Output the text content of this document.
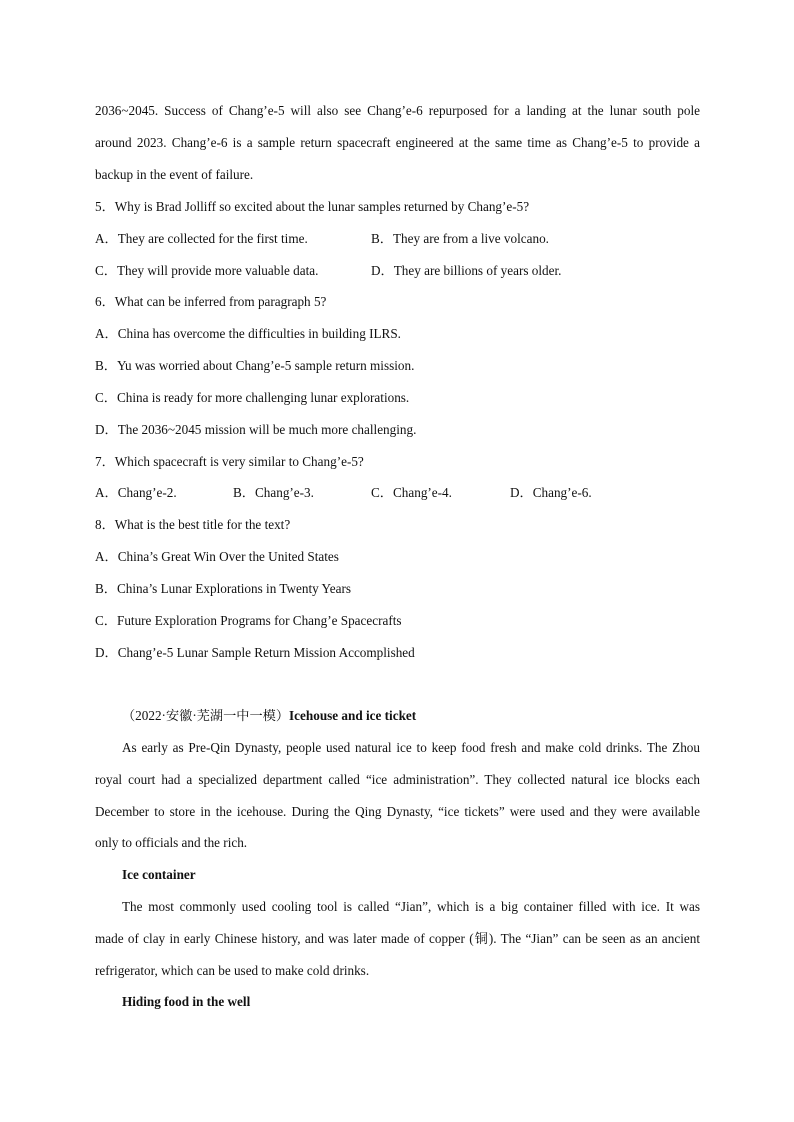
2036~2045. Success of Chang’e-5 will also see Chang’e-6 repurposed for a landing at the lunar south pole
around 2023. Chang’e-6 is a sample return spacecraft engineered at the same time as Chang’e-5 to provide a
backup in the event of failure.
5．Why is Brad Jolliff so excited about the lunar samples returned by Chang’e-5?
A．They are collected for the first time.	B．They are from a live volcano.
C．They will provide more valuable data.	D．They are billions of years older.
6．What can be inferred from paragraph 5?
A．China has overcome the difficulties in building ILRS.
B．Yu was worried about Chang’e-5 sample return mission.
C．China is ready for more challenging lunar explorations.
D．The 2036~2045 mission will be much more challenging.
7．Which spacecraft is very similar to Chang’e-5?
A．Chang’e-2.	B．Chang’e-3.	C．Chang’e-4.	D．Chang’e-6.
8．What is the best title for the text?
A．China’s Great Win Over the United States
B．China’s Lunar Explorations in Twenty Years
C．Future Exploration Programs for Chang’e Spacecrafts
D．Chang’e-5 Lunar Sample Return Mission Accomplished
（2022·安徽·芜湖一中一模）Icehouse and ice ticket
As early as Pre-Qin Dynasty, people used natural ice to keep food fresh and make cold drinks. The Zhou
royal court had a specialized department called “ice administration”. They collected natural ice blocks each
December to store in the icehouse. During the Qing Dynasty, “ice tickets” were used and they were available
only to officials and the rich.
Ice container
The most commonly used cooling tool is called “Jian”, which is a big container filled with ice. It was
made of clay in early Chinese history, and was later made of copper (铜). The “Jian” can be seen as an ancient
refrigerator, which can be used to make cold drinks.
Hiding food in the well
